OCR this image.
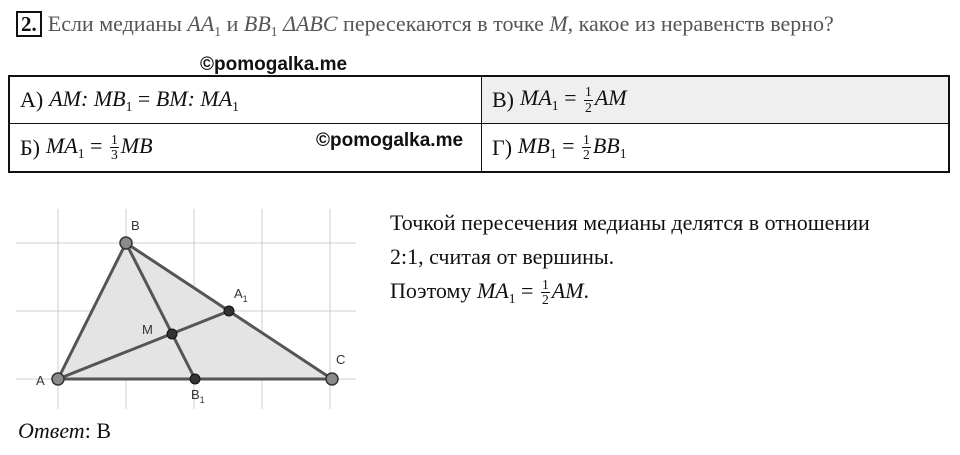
2. Если медианы $AA_1$ и $BB_1$ ΔABC пересекаются в точке M, какое из неравенств верно?
©pomogalka.me
А) AM: $MB_1$ = BM: $MA_1$	В) $MA_1 = \frac{1}{2}$ AM
Б) $MA_1 = \frac{1}{3}$ MB	Г) $MB_1 = \frac{1}{2} BB_1$
©pomogalka.me
A
B
C
M
$A_1$
$B_1$

Точкой пересечения медианы делятся в отношении

2:1, считая от вершины.

Поэтому $MA_1 = \frac{1}{2}$ AM.

Ответ: В
